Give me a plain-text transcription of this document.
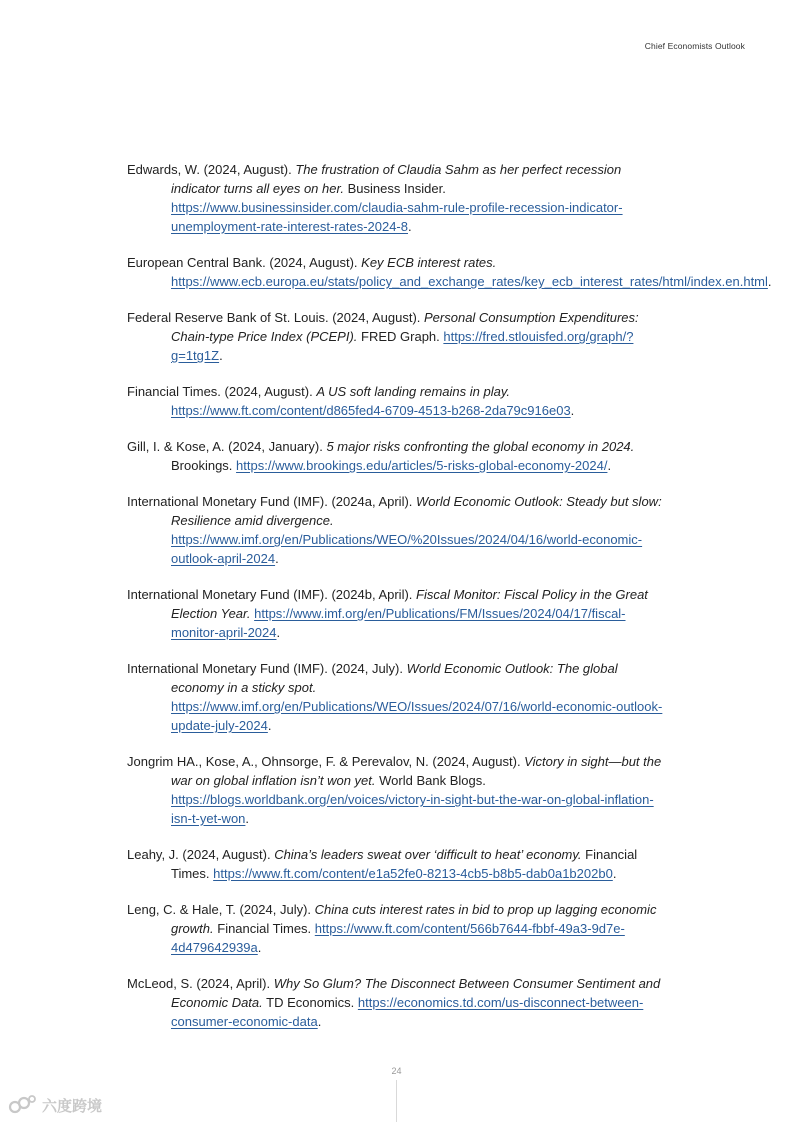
Chief Economists Outlook

Edwards, W. (2024, August). The frustration of Claudia Sahm as her perfect recession indicator turns all eyes on her. Business Insider. https://www.businessinsider.com/claudia-sahm-rule-profile-recession-indicator-unemployment-rate-interest-rates-2024-8.

European Central Bank. (2024, August). Key ECB interest rates. https://www.ecb.europa.eu/stats/policy_and_exchange_rates/key_ecb_interest_rates/html/index.en.html.

Federal Reserve Bank of St. Louis. (2024, August). Personal Consumption Expenditures: Chain-type Price Index (PCEPI). FRED Graph. https://fred.stlouisfed.org/graph/?g=1tg1Z.

Financial Times. (2024, August). A US soft landing remains in play. https://www.ft.com/content/d865fed4-6709-4513-b268-2da79c916e03.

Gill, I. & Kose, A. (2024, January). 5 major risks confronting the global economy in 2024. Brookings. https://www.brookings.edu/articles/5-risks-global-economy-2024/.

International Monetary Fund (IMF). (2024a, April). World Economic Outlook: Steady but slow: Resilience amid divergence. https://www.imf.org/en/Publications/WEO/%20Issues/2024/04/16/world-economic-outlook-april-2024.

International Monetary Fund (IMF). (2024b, April). Fiscal Monitor: Fiscal Policy in the Great Election Year. https://www.imf.org/en/Publications/FM/Issues/2024/04/17/fiscal-monitor-april-2024.

International Monetary Fund (IMF). (2024, July). World Economic Outlook: The global economy in a sticky spot. https://www.imf.org/en/Publications/WEO/Issues/2024/07/16/world-economic-outlook-update-july-2024.

Jongrim HA., Kose, A., Ohnsorge, F. & Perevalov, N. (2024, August). Victory in sight—but the war on global inflation isn’t won yet. World Bank Blogs. https://blogs.worldbank.org/en/voices/victory-in-sight-but-the-war-on-global-inflation-isn-t-yet-won.

Leahy, J. (2024, August). China’s leaders sweat over ‘difficult to heat’ economy. Financial Times. https://www.ft.com/content/e1a52fe0-8213-4cb5-b8b5-dab0a1b202b0.

Leng, C. & Hale, T. (2024, July). China cuts interest rates in bid to prop up lagging economic growth. Financial Times. https://www.ft.com/content/566b7644-fbbf-49a3-9d7e-4d479642939a.

McLeod, S. (2024, April). Why So Glum? The Disconnect Between Consumer Sentiment and Economic Data. TD Economics. https://economics.td.com/us-disconnect-between-consumer-economic-data.

24
六度跨境
